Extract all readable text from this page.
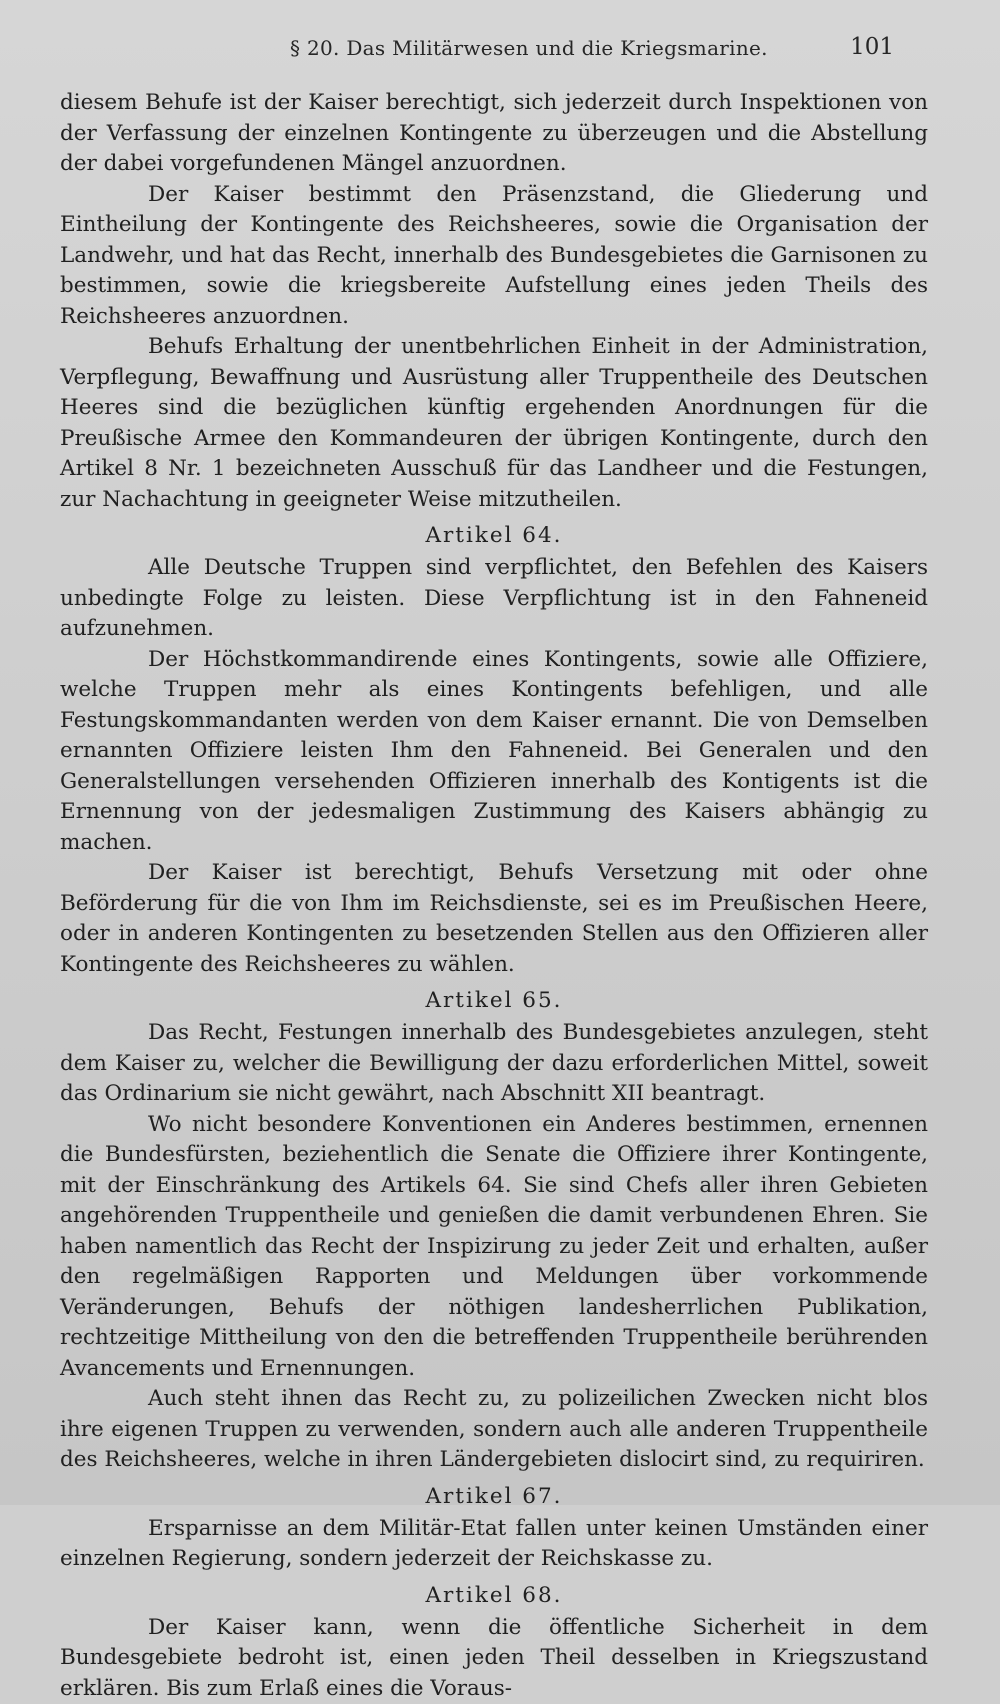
§ 20. Das Militärwesen und die Kriegsmarine.	101

diesem Behufe ist der Kaiser berechtigt, sich jederzeit durch Inspektionen von der Verfassung der einzelnen Kontingente zu überzeugen und die Abstellung der dabei vorgefundenen Mängel anzuordnen.

Der Kaiser bestimmt den Präsenzstand, die Gliederung und Eintheilung der Kontingente des Reichsheeres, sowie die Organisation der Landwehr, und hat das Recht, innerhalb des Bundesgebietes die Garnisonen zu bestimmen, sowie die kriegsbereite Aufstellung eines jeden Theils des Reichsheeres anzuordnen.

Behufs Erhaltung der unentbehrlichen Einheit in der Administration, Verpflegung, Bewaffnung und Ausrüstung aller Truppentheile des Deutschen Heeres sind die bezüglichen künftig ergehenden Anordnungen für die Preußische Armee den Kommandeuren der übrigen Kontingente, durch den Artikel 8 Nr. 1 bezeichneten Ausschuß für das Landheer und die Festungen, zur Nachachtung in geeigneter Weise mitzutheilen.

Artikel 64.

Alle Deutsche Truppen sind verpflichtet, den Befehlen des Kaisers unbedingte Folge zu leisten. Diese Verpflichtung ist in den Fahneneid aufzunehmen.

Der Höchstkommandirende eines Kontingents, sowie alle Offiziere, welche Truppen mehr als eines Kontingents befehligen, und alle Festungskommandanten werden von dem Kaiser ernannt. Die von Demselben ernannten Offiziere leisten Ihm den Fahneneid. Bei Generalen und den Generalstellungen versehenden Offizieren innerhalb des Kontigents ist die Ernennung von der jedesmaligen Zustimmung des Kaisers abhängig zu machen.

Der Kaiser ist berechtigt, Behufs Versetzung mit oder ohne Beförderung für die von Ihm im Reichsdienste, sei es im Preußischen Heere, oder in anderen Kontingenten zu besetzenden Stellen aus den Offizieren aller Kontingente des Reichsheeres zu wählen.

Artikel 65.

Das Recht, Festungen innerhalb des Bundesgebietes anzulegen, steht dem Kaiser zu, welcher die Bewilligung der dazu erforderlichen Mittel, soweit das Ordinarium sie nicht gewährt, nach Abschnitt XII beantragt.

Wo nicht besondere Konventionen ein Anderes bestimmen, ernennen die Bundesfürsten, beziehentlich die Senate die Offiziere ihrer Kontingente, mit der Einschränkung des Artikels 64. Sie sind Chefs aller ihren Gebieten angehörenden Truppentheile und genießen die damit verbundenen Ehren. Sie haben namentlich das Recht der Inspizirung zu jeder Zeit und erhalten, außer den regelmäßigen Rapporten und Meldungen über vorkommende Veränderungen, Behufs der nöthigen landesherrlichen Publikation, rechtzeitige Mittheilung von den die betreffenden Truppentheile berührenden Avancements und Ernennungen.

Auch steht ihnen das Recht zu, zu polizeilichen Zwecken nicht blos ihre eigenen Truppen zu verwenden, sondern auch alle anderen Truppentheile des Reichsheeres, welche in ihren Ländergebieten dislocirt sind, zu requiriren.

Artikel 67.

Ersparnisse an dem Militär-Etat fallen unter keinen Umständen einer einzelnen Regierung, sondern jederzeit der Reichskasse zu.

Artikel 68.

Der Kaiser kann, wenn die öffentliche Sicherheit in dem Bundesgebiete bedroht ist, einen jeden Theil desselben in Kriegszustand erklären. Bis zum Erlaß eines die Voraus-
